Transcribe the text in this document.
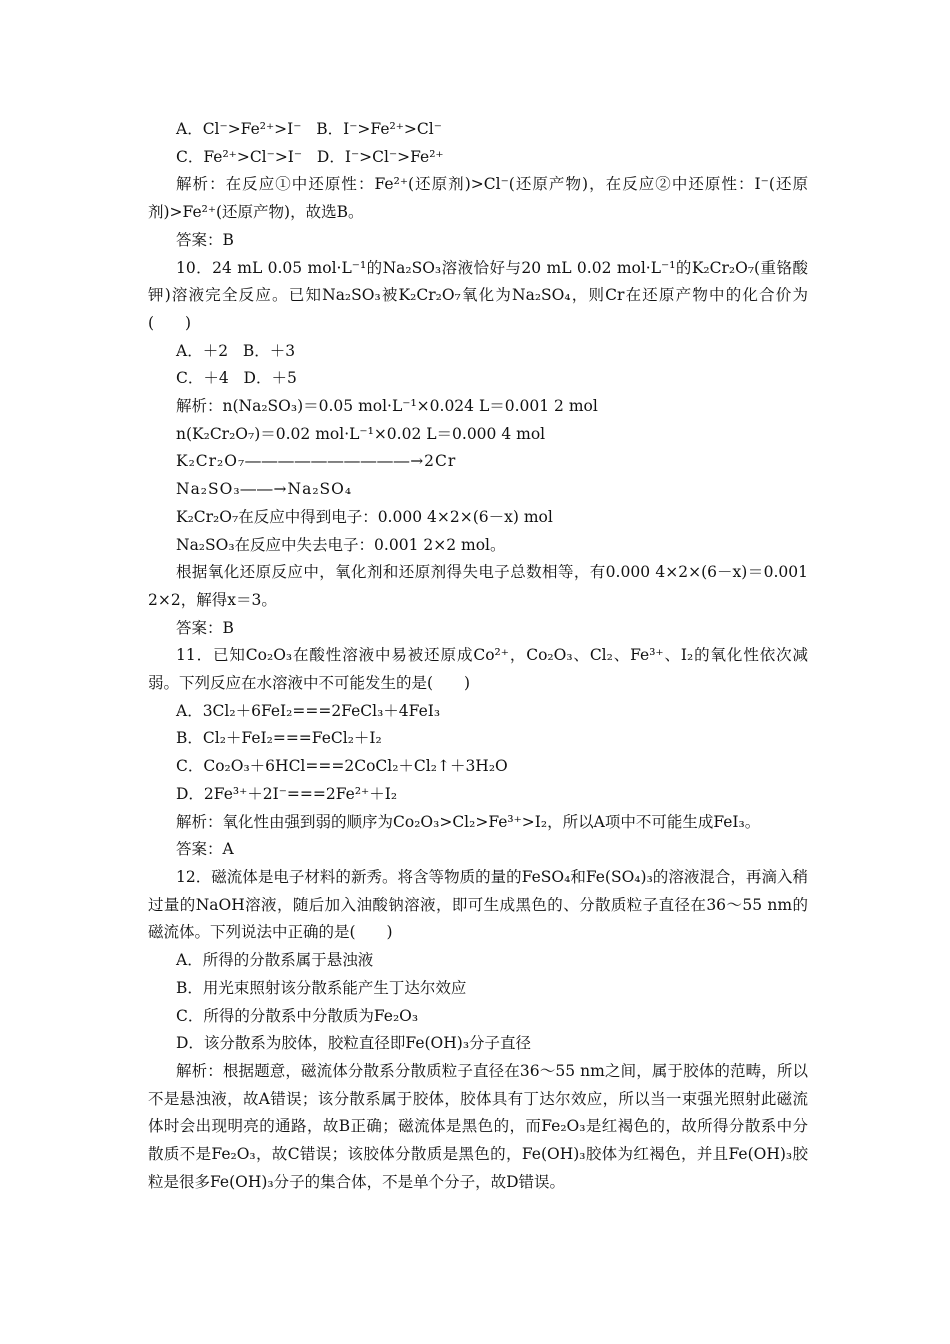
A．Cl⁻>Fe²⁺>I⁻ B．I⁻>Fe²⁺>Cl⁻
C．Fe²⁺>Cl⁻>I⁻ D．I⁻>Cl⁻>Fe²⁺
解析：在反应①中还原性：Fe²⁺(还原剂)>Cl⁻(还原产物)，在反应②中还原性：I⁻(还原剂)>Fe²⁺(还原产物)，故选B。
答案：B
10．24 mL 0.05 mol·L⁻¹的Na₂SO₃溶液恰好与20 mL 0.02 mol·L⁻¹的K₂Cr₂O₇(重铬酸钾)溶液完全反应。已知Na₂SO₃被K₂Cr₂O₇氧化为Na₂SO₄，则Cr在还原产物中的化合价为(　　)
A．＋2 B．＋3
C．＋4 D．＋5
解析：n(Na₂SO₃)＝0.05 mol·L⁻¹×0.024 L＝0.001 2 mol
n(K₂Cr₂O₇)＝0.02 mol·L⁻¹×0.02 L＝0.000 4 mol
K₂Cr₂O₇――――――――――→2Cr
Na₂SO₃――→Na₂SO₄
K₂Cr₂O₇在反应中得到电子：0.000 4×2×(6－x) mol
Na₂SO₃在反应中失去电子：0.001 2×2 mol。
根据氧化还原反应中，氧化剂和还原剂得失电子总数相等，有0.000 4×2×(6－x)＝0.001 2×2，解得x＝3。
答案：B
11．已知Co₂O₃在酸性溶液中易被还原成Co²⁺，Co₂O₃、Cl₂、Fe³⁺、I₂的氧化性依次减弱。下列反应在水溶液中不可能发生的是(　　)
A．3Cl₂＋6FeI₂===2FeCl₃＋4FeI₃
B．Cl₂＋FeI₂===FeCl₂＋I₂
C．Co₂O₃＋6HCl===2CoCl₂＋Cl₂↑＋3H₂O
D．2Fe³⁺＋2I⁻===2Fe²⁺＋I₂
解析：氧化性由强到弱的顺序为Co₂O₃>Cl₂>Fe³⁺>I₂，所以A项中不可能生成FeI₃。
答案：A
12．磁流体是电子材料的新秀。将含等物质的量的FeSO₄和Fe(SO₄)₃的溶液混合，再滴入稍过量的NaOH溶液，随后加入油酸钠溶液，即可生成黑色的、分散质粒子直径在36～55 nm的磁流体。下列说法中正确的是(　　)
A．所得的分散系属于悬浊液
B．用光束照射该分散系能产生丁达尔效应
C．所得的分散系中分散质为Fe₂O₃
D．该分散系为胶体，胶粒直径即Fe(OH)₃分子直径
解析：根据题意，磁流体分散系分散质粒子直径在36～55 nm之间，属于胶体的范畴，所以不是悬浊液，故A错误；该分散系属于胶体，胶体具有丁达尔效应，所以当一束强光照射此磁流体时会出现明亮的通路，故B正确；磁流体是黑色的，而Fe₂O₃是红褐色的，故所得分散系中分散质不是Fe₂O₃，故C错误；该胶体分散质是黑色的，Fe(OH)₃胶体为红褐色，并且Fe(OH)₃胶粒是很多Fe(OH)₃分子的集合体，不是单个分子，故D错误。
